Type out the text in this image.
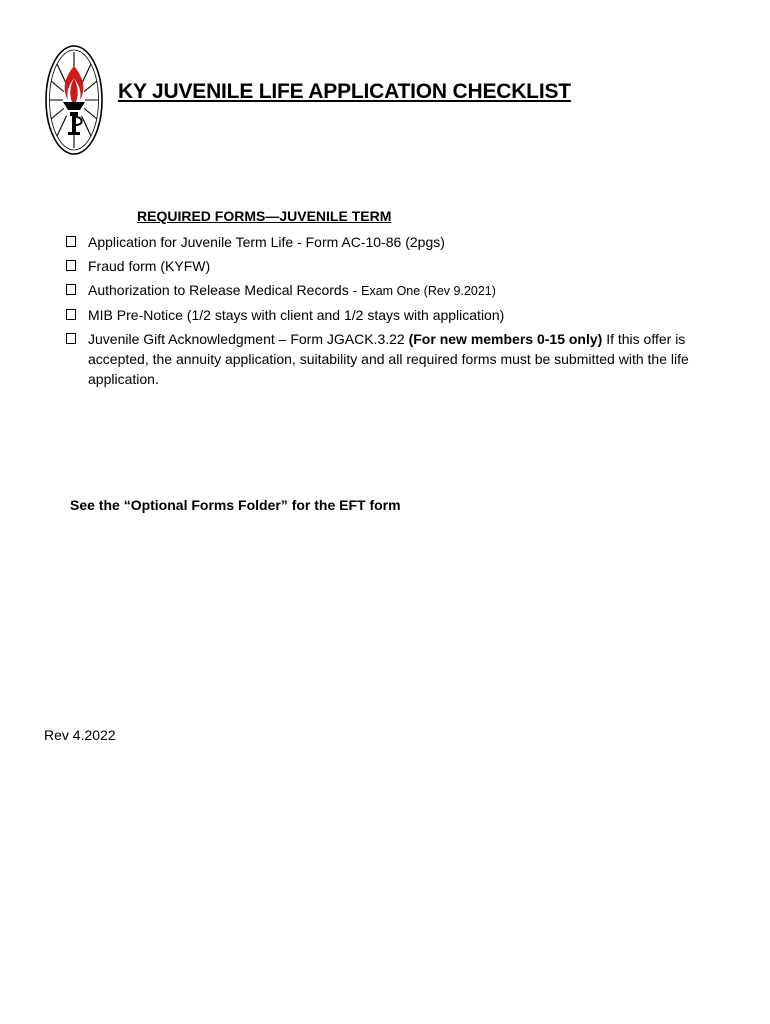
KY JUVENILE LIFE APPLICATION CHECKLIST
REQUIRED FORMS—JUVENILE TERM
Application for Juvenile Term Life - Form AC-10-86 (2pgs)
Fraud form (KYFW)
Authorization to Release Medical Records - Exam One (Rev 9.2021)
MIB Pre-Notice (1/2 stays with client and 1/2 stays with application)
Juvenile Gift Acknowledgment – Form JGACK.3.22 (For new members 0-15 only) If this offer is accepted, the annuity application, suitability and all required forms must be submitted with the life application.

See the “Optional Forms Folder” for the EFT form

Rev 4.2022
